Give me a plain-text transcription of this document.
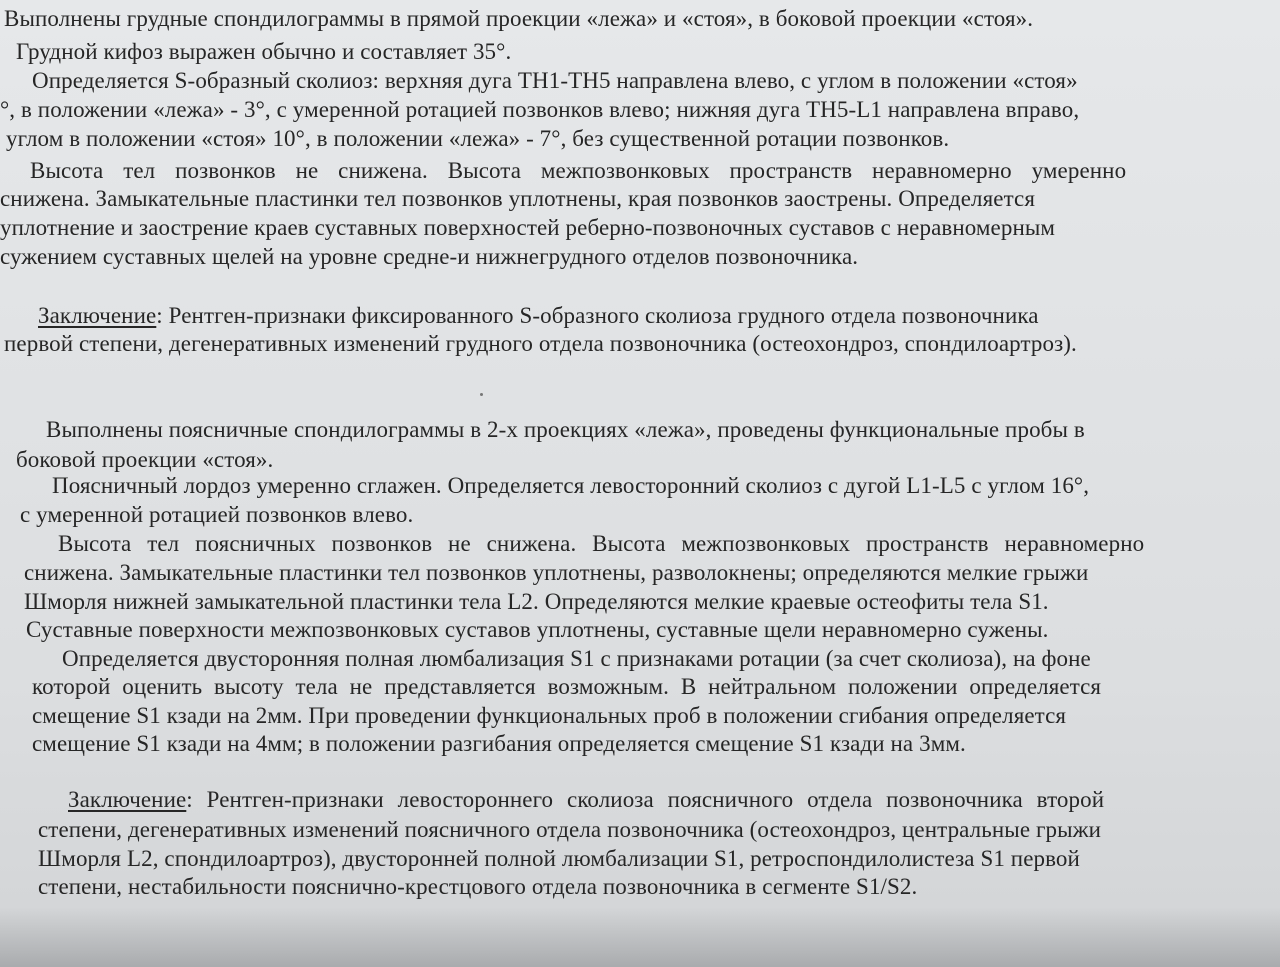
Выполнены грудные спондилограммы в прямой проекции «лежа» и «стоя», в боковой проекции «стоя».
Грудной кифоз выражен обычно и составляет 35°.
Определяется S-образный сколиоз: верхняя дуга ТН1-ТН5 направлена влево, с углом в положении «стоя»
°, в положении «лежа» - 3°, с умеренной ротацией позвонков влево; нижняя дуга ТН5-L1 направлена вправо,
углом в положении «стоя» 10°, в положении «лежа» - 7°, без существенной ротации позвонков.
Высота тел позвонков не снижена. Высота межпозвонковых пространств неравномерно умеренно
снижена. Замыкательные пластинки тел позвонков уплотнены, края позвонков заострены. Определяется
уплотнение и заострение краев суставных поверхностей реберно-позвоночных суставов с неравномерным
сужением суставных щелей на уровне средне-и нижнегрудного отделов позвоночника.
Заключение: Рентген-признаки фиксированного S-образного сколиоза грудного отдела позвоночника
первой степени, дегенеративных изменений грудного отдела позвоночника (остеохондроз, спондилоартроз).
Выполнены поясничные спондилограммы в 2-х проекциях «лежа», проведены функциональные пробы в
боковой проекции «стоя».
Поясничный лордоз умеренно сглажен. Определяется левосторонний сколиоз с дугой L1-L5 с углом 16°,
с умеренной ротацией позвонков влево.
Высота тел поясничных позвонков не снижена. Высота межпозвонковых пространств неравномерно
снижена. Замыкательные пластинки тел позвонков уплотнены, разволокнены; определяются мелкие грыжи
Шморля нижней замыкательной пластинки тела L2. Определяются мелкие краевые остеофиты тела S1.
Суставные поверхности межпозвонковых суставов уплотнены, суставные щели неравномерно сужены.
Определяется двусторонняя полная люмбализация S1 с признаками ротации (за счет сколиоза), на фоне
которой оценить высоту тела не представляется возможным. В нейтральном положении определяется
смещение S1 кзади на 2мм. При проведении функциональных проб в положении сгибания определяется
смещение S1 кзади на 4мм; в положении разгибания определяется смещение S1 кзади на 3мм.
Заключение: Рентген-признаки левостороннего сколиоза поясничного отдела позвоночника второй
степени, дегенеративных изменений поясничного отдела позвоночника (остеохондроз, центральные грыжи
Шморля L2, спондилоартроз), двусторонней полной люмбализации S1, ретроспондилолистеза S1 первой
степени, нестабильности пояснично-крестцового отдела позвоночника в сегменте S1/S2.
